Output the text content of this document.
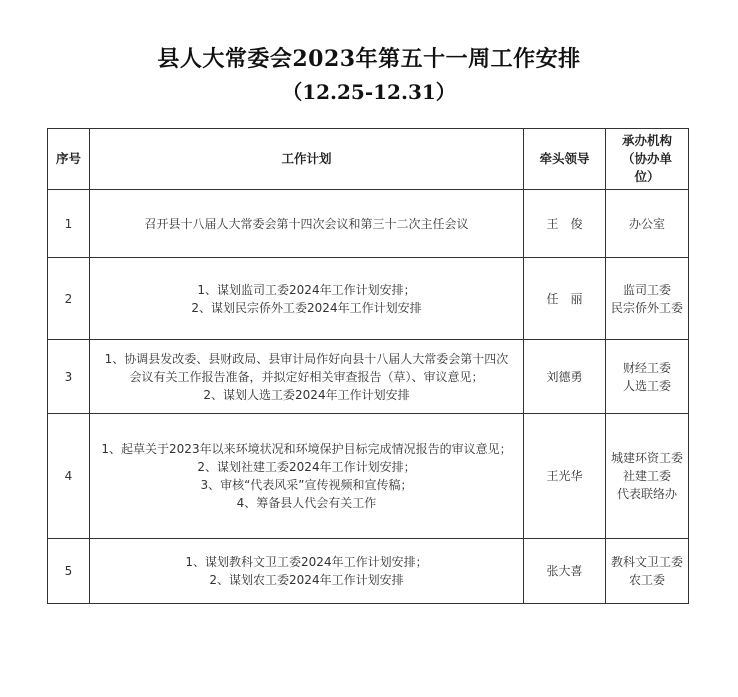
县人大常委会2023年第五十一周工作安排
（12.25-12.31）
序号	工作计划	牵头领导	承办机构
（协办单
位）

1	召开县十八届人大常委会第十四次会议和第三十二次主任会议	王　俊	办公室

2	1、谋划监司工委2024年工作计划安排；
2、谋划民宗侨外工委2024年工作计划安排	任　丽	监司工委
民宗侨外工委

3	1、协调县发改委、县财政局、县审计局作好向县十八届人大常委会第十四次
会议有关工作报告准备，并拟定好相关审查报告（草）、审议意见；
2、谋划人选工委2024年工作计划安排	刘德勇	财经工委
人选工委

4	1、起草关于2023年以来环境状况和环境保护目标完成情况报告的审议意见；
2、谋划社建工委2024年工作计划安排；
3、审核“代表风采”宣传视频和宣传稿；
4、筹备县人代会有关工作	王光华	城建环资工委
社建工委
代表联络办

5	1、谋划教科文卫工委2024年工作计划安排；
2、谋划农工委2024年工作计划安排	张大喜	教科文卫工委
农工委
